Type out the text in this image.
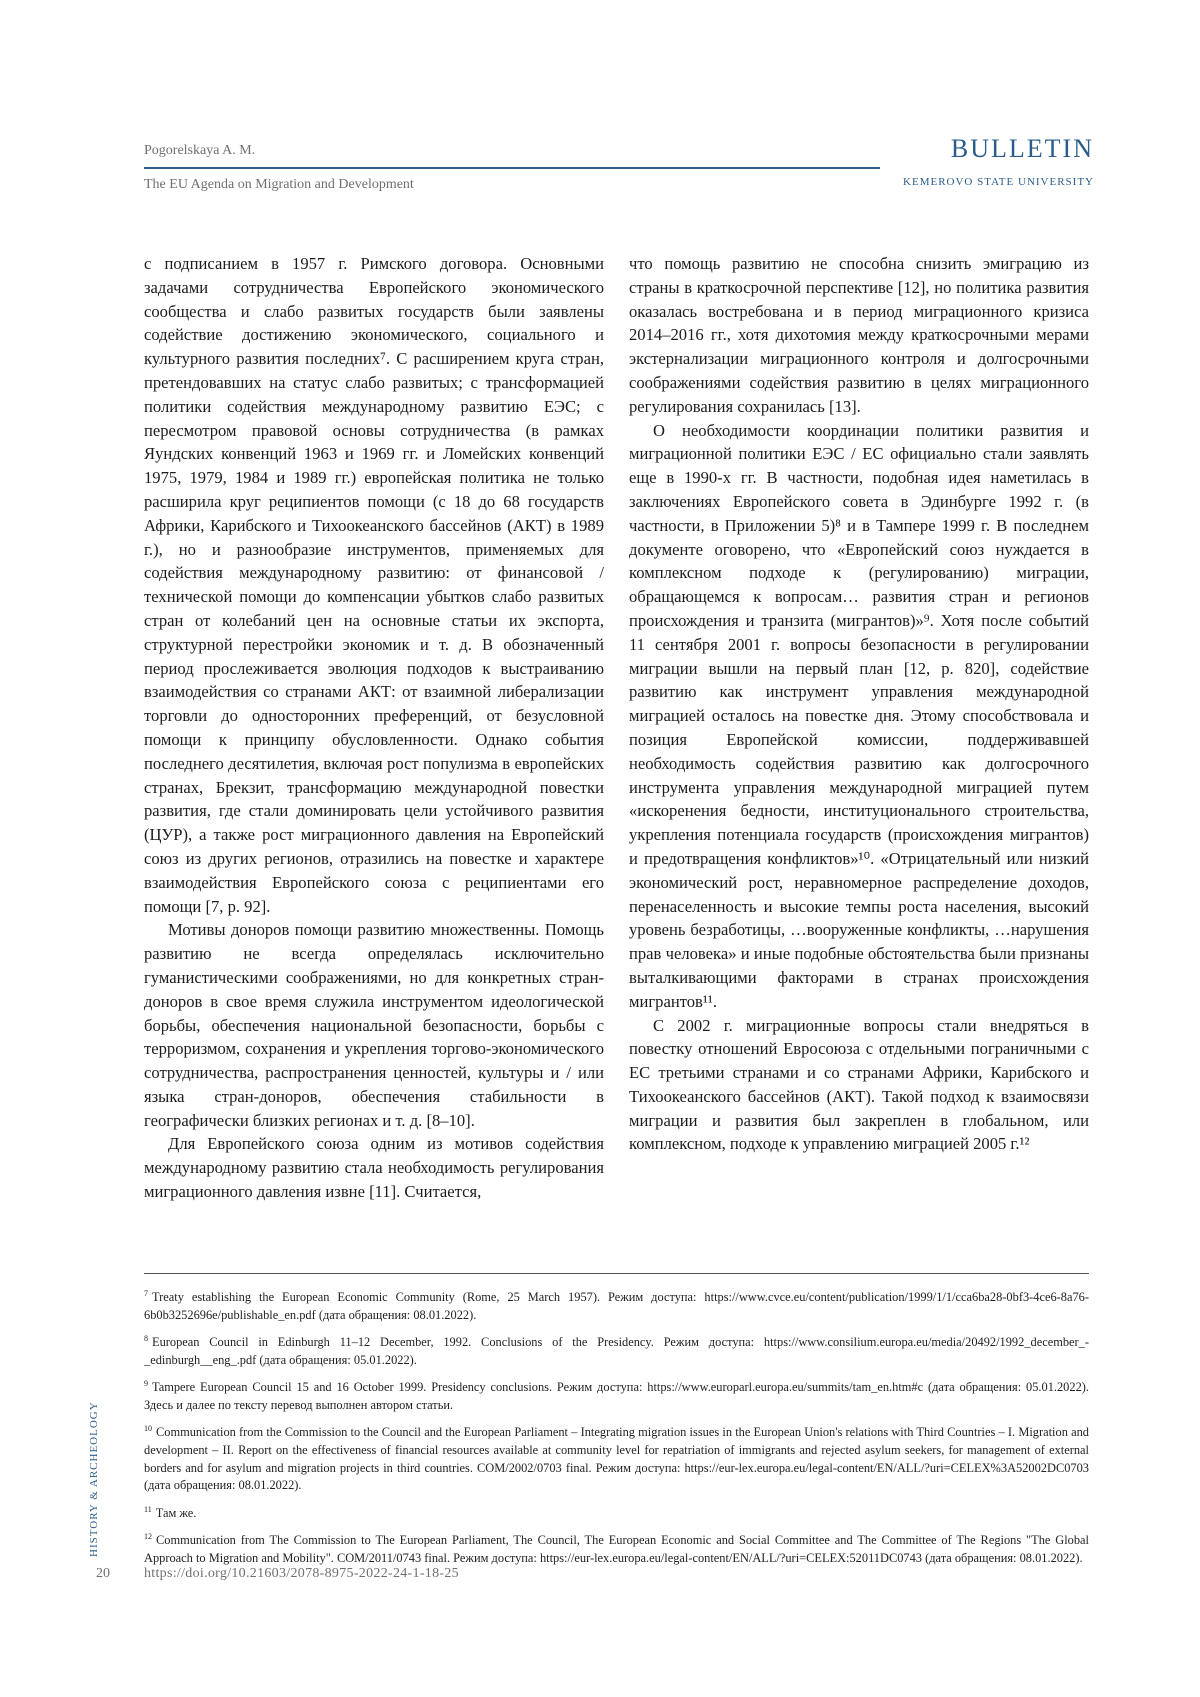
Pogorelskaya A. M.
The EU Agenda on Migration and Development
BULLETIN
KEMEROVO STATE UNIVERSITY

с подписанием в 1957 г. Римского договора. Основными задачами сотрудничества Европейского экономического сообщества и слабо развитых государств были заявлены содействие достижению экономического, социального и культурного развития последних⁷. С расширением круга стран, претендовавших на статус слабо развитых; с трансформацией политики содействия международному развитию ЕЭС; с пересмотром правовой основы сотрудничества (в рамках Яундских конвенций 1963 и 1969 гг. и Ломейских конвенций 1975, 1979, 1984 и 1989 гг.) европейская политика не только расширила круг реципиентов помощи (с 18 до 68 государств Африки, Карибского и Тихоокеанского бассейнов (АКТ) в 1989 г.), но и разнообразие инструментов, применяемых для содействия международному развитию: от финансовой / технической помощи до компенсации убытков слабо развитых стран от колебаний цен на основные статьи их экспорта, структурной перестройки экономик и т. д. В обозначенный период прослеживается эволюция подходов к выстраиванию взаимодействия со странами АКТ: от взаимной либерализации торговли до односторонних преференций, от безусловной помощи к принципу обусловленности. Однако события последнего десятилетия, включая рост популизма в европейских странах, Брекзит, трансформацию международной повестки развития, где стали доминировать цели устойчивого развития (ЦУР), а также рост миграционного давления на Европейский союз из других регионов, отразились на повестке и характере взаимодействия Европейского союза с реципиентами его помощи [7, p. 92].

Мотивы доноров помощи развитию множественны. Помощь развитию не всегда определялась исключительно гуманистическими соображениями, но для конкретных стран-доноров в свое время служила инструментом идеологической борьбы, обеспечения национальной безопасности, борьбы с терроризмом, сохранения и укрепления торгово-экономического сотрудничества, распространения ценностей, культуры и / или языка стран-доноров, обеспечения стабильности в географически близких регионах и т. д. [8–10].

Для Европейского союза одним из мотивов содействия международному развитию стала необходимость регулирования миграционного давления извне [11]. Считается,

что помощь развитию не способна снизить эмиграцию из страны в краткосрочной перспективе [12], но политика развития оказалась востребована и в период миграционного кризиса 2014–2016 гг., хотя дихотомия между краткосрочными мерами экстернализации миграционного контроля и долгосрочными соображениями содействия развитию в целях миграционного регулирования сохранилась [13].

О необходимости координации политики развития и миграционной политики ЕЭС / ЕС официально стали заявлять еще в 1990-х гг. В частности, подобная идея наметилась в заключениях Европейского совета в Эдинбурге 1992 г. (в частности, в Приложении 5)⁸ и в Тампере 1999 г. В последнем документе оговорено, что «Европейский союз нуждается в комплексном подходе к (регулированию) миграции, обращающемся к вопросам… развития стран и регионов происхождения и транзита (мигрантов)»⁹. Хотя после событий 11 сентября 2001 г. вопросы безопасности в регулировании миграции вышли на первый план [12, p. 820], содействие развитию как инструмент управления международной миграцией осталось на повестке дня. Этому способствовала и позиция Европейской комиссии, поддерживавшей необходимость содействия развитию как долгосрочного инструмента управления международной миграцией путем «искоренения бедности, институционального строительства, укрепления потенциала государств (происхождения мигрантов) и предотвращения конфликтов»¹⁰. «Отрицательный или низкий экономический рост, неравномерное распределение доходов, перенаселенность и высокие темпы роста населения, высокий уровень безработицы, …вооруженные конфликты, …нарушения прав человека» и иные подобные обстоятельства были признаны выталкивающими факторами в странах происхождения мигрантов¹¹.

С 2002 г. миграционные вопросы стали внедряться в повестку отношений Евросоюза с отдельными пограничными с ЕС третьими странами и со странами Африки, Карибского и Тихоокеанского бассейнов (АКТ). Такой подход к взаимосвязи миграции и развития был закреплен в глобальном, или комплексном, подходе к управлению миграцией 2005 г.¹²

7 Treaty establishing the European Economic Community (Rome, 25 March 1957). Режим доступа: https://www.cvce.eu/content/publication/1999/1/1/cca6ba28-0bf3-4ce6-8a76-6b0b3252696e/publishable_en.pdf (дата обращения: 08.01.2022).

8 European Council in Edinburgh 11–12 December, 1992. Conclusions of the Presidency. Режим доступа: https://www.consilium.europa.eu/media/20492/1992_december_-_edinburgh__eng_.pdf (дата обращения: 05.01.2022).

9 Tampere European Council 15 and 16 October 1999. Presidency conclusions. Режим доступа: https://www.europarl.europa.eu/summits/tam_en.htm#c (дата обращения: 05.01.2022). Здесь и далее по тексту перевод выполнен автором статьи.

10 Communication from the Commission to the Council and the European Parliament – Integrating migration issues in the European Union's relations with Third Countries – I. Migration and development – II. Report on the effectiveness of financial resources available at community level for repatriation of immigrants and rejected asylum seekers, for management of external borders and for asylum and migration projects in third countries. COM/2002/0703 final. Режим доступа: https://eur-lex.europa.eu/legal-content/EN/ALL/?uri=CELEX%3A52002DC0703 (дата обращения: 08.01.2022).

11 Там же.

12 Communication from The Commission to The European Parliament, The Council, The European Economic and Social Committee and The Committee of The Regions "The Global Approach to Migration and Mobility". COM/2011/0743 final. Режим доступа: https://eur-lex.europa.eu/legal-content/EN/ALL/?uri=CELEX:52011DC0743 (дата обращения: 08.01.2022).

HISTORY & ARCHEOLOGY
20 https://doi.org/10.21603/2078-8975-2022-24-1-18-25
